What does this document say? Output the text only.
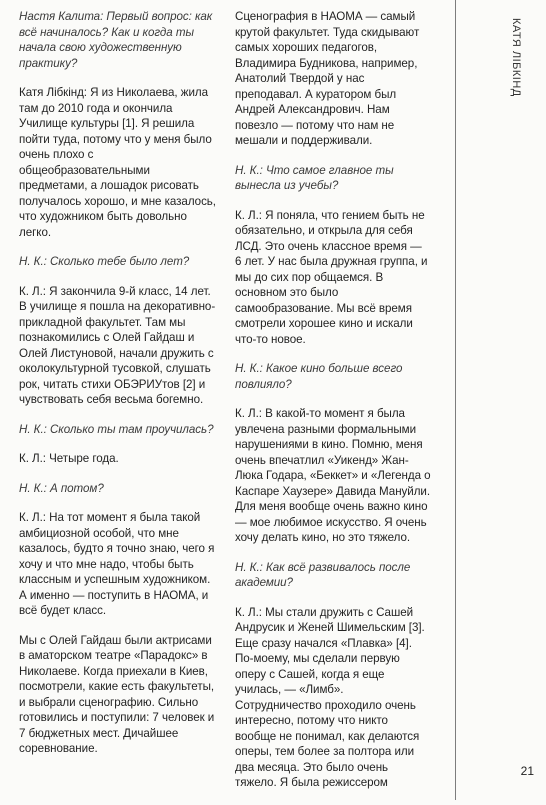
Настя Калита: Первый вопрос: как всё начиналось? Как и когда ты начала свою художественную практику?

Катя Лібкінд: Я из Николаева, жила там до 2010 года и окончила Училище культуры [1]. Я решила пойти туда, потому что у меня было очень плохо с общеобразовательными предметами, а лошадок рисовать получалось хорошо, и мне казалось, что художником быть довольно легко.

Н. К.: Сколько тебе было лет?

К. Л.: Я закончила 9-й класс, 14 лет. В училище я пошла на декоративно-прикладной факультет. Там мы познакомились с Олей Гайдаш и Олей Листуновой, начали дружить с околокультурной тусовкой, слушать рок, читать стихи ОБЭРИУтов [2] и чувствовать себя весьма богемно.

Н. К.: Сколько ты там проучилась?

К. Л.: Четыре года.

Н. К.: А потом?

К. Л.: На тот момент я была такой амбициозной особой, что мне казалось, будто я точно знаю, чего я хочу и что мне надо, чтобы быть классным и успешным художником. А именно — поступить в НАОМА, и всё будет класс.

Мы с Олей Гайдаш были актрисами в аматорском театре «Парадокс» в Николаеве. Когда приехали в Киев, посмотрели, какие есть факультеты, и выбрали сценографию. Сильно готовились и поступили: 7 человек и 7 бюджетных мест. Дичайшее соревнование.

Сценография в НАОМА — самый крутой факультет. Туда скидывают самых хороших педагогов, Владимира Будникова, например, Анатолий Твердой у нас преподавал. А куратором был Андрей Александрович. Нам повезло — потому что нам не мешали и поддерживали.

Н. К.: Что самое главное ты вынесла из учебы?

К. Л.: Я поняла, что гением быть не обязательно, и открыла для себя ЛСД. Это очень классное время — 6 лет. У нас была дружная группа, и мы до сих пор общаемся. В основном это было самообразование. Мы всё время смотрели хорошее кино и искали что-то новое.

Н. К.: Какое кино больше всего повлияло?

К. Л.: В какой-то момент я была увлечена разными формальными нарушениями в кино. Помню, меня очень впечатлил «Уикенд» Жан-Люка Годара, «Беккет» и «Легенда о Каспаре Хаузере» Давида Мануйли. Для меня вообще очень важно кино — мое любимое искусство. Я очень хочу делать кино, но это тяжело.

Н. К.: Как всё развивалось после академии?

К. Л.: Мы стали дружить с Сашей Андрусик и Женей Шимельским [3]. Еще сразу начался «Плавка» [4]. По-моему, мы сделали первую оперу с Сашей, когда я еще училась, — «Лимб». Сотрудничество проходило очень интересно, потому что никто вообще не понимал, как делаются оперы, тем более за полтора или два месяца. Это было очень тяжело. Я была режиссером

КАТЯ ЛІБКІНД
21
